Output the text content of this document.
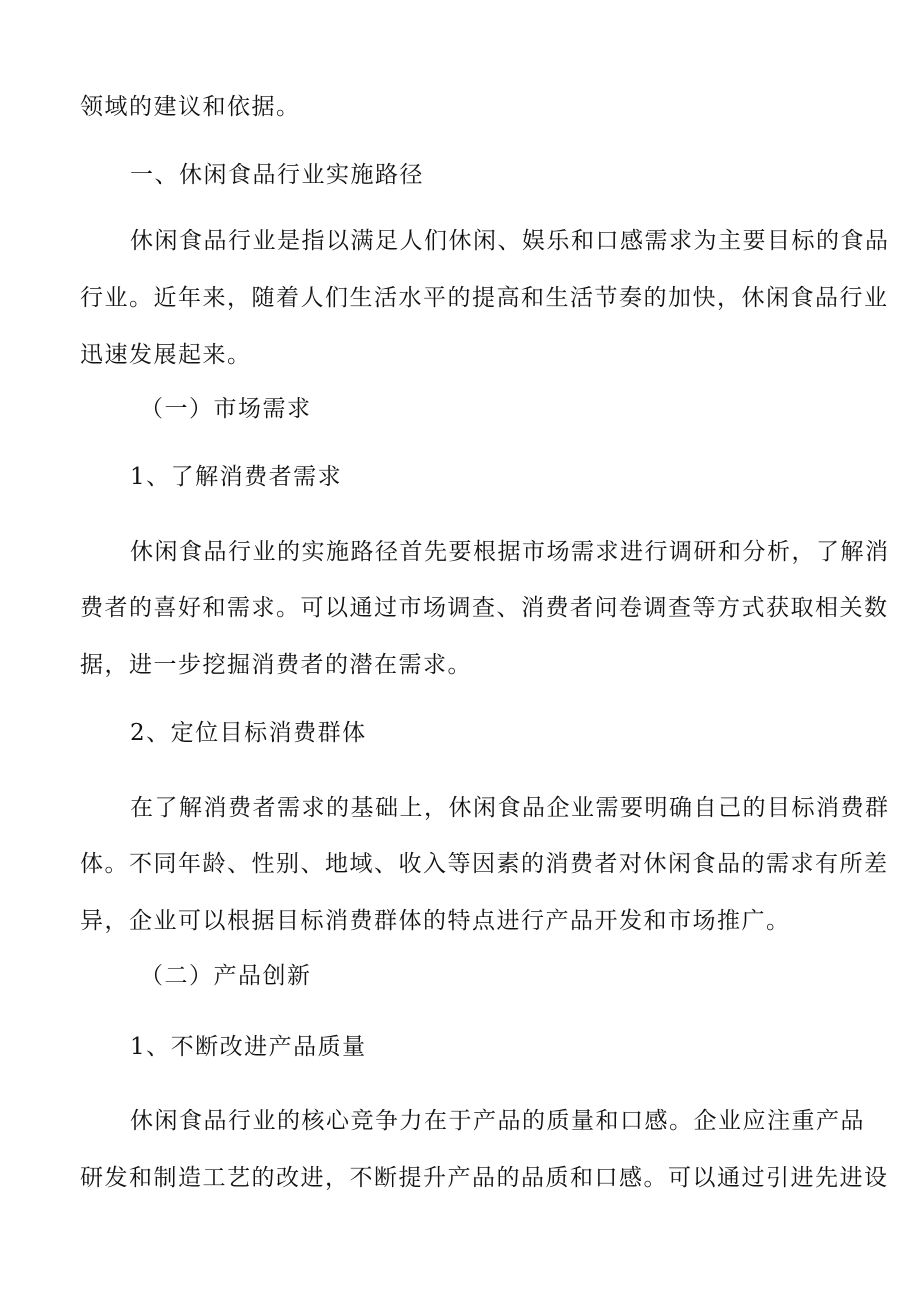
领域的建议和依据。
一、休闲食品行业实施路径
休闲食品行业是指以满足人们休闲、娱乐和口感需求为主要目标的食品
行业。近年来，随着人们生活水平的提高和生活节奏的加快，休闲食品行业
迅速发展起来。
（一）市场需求
1、了解消费者需求
休闲食品行业的实施路径首先要根据市场需求进行调研和分析，了解消
费者的喜好和需求。可以通过市场调查、消费者问卷调查等方式获取相关数
据，进一步挖掘消费者的潜在需求。
2、定位目标消费群体
在了解消费者需求的基础上，休闲食品企业需要明确自己的目标消费群
体。不同年龄、性别、地域、收入等因素的消费者对休闲食品的需求有所差
异，企业可以根据目标消费群体的特点进行产品开发和市场推广。
（二）产品创新
1、不断改进产品质量
休闲食品行业的核心竞争力在于产品的质量和口感。企业应注重产品
研发和制造工艺的改进，不断提升产品的品质和口感。可以通过引进先进设
